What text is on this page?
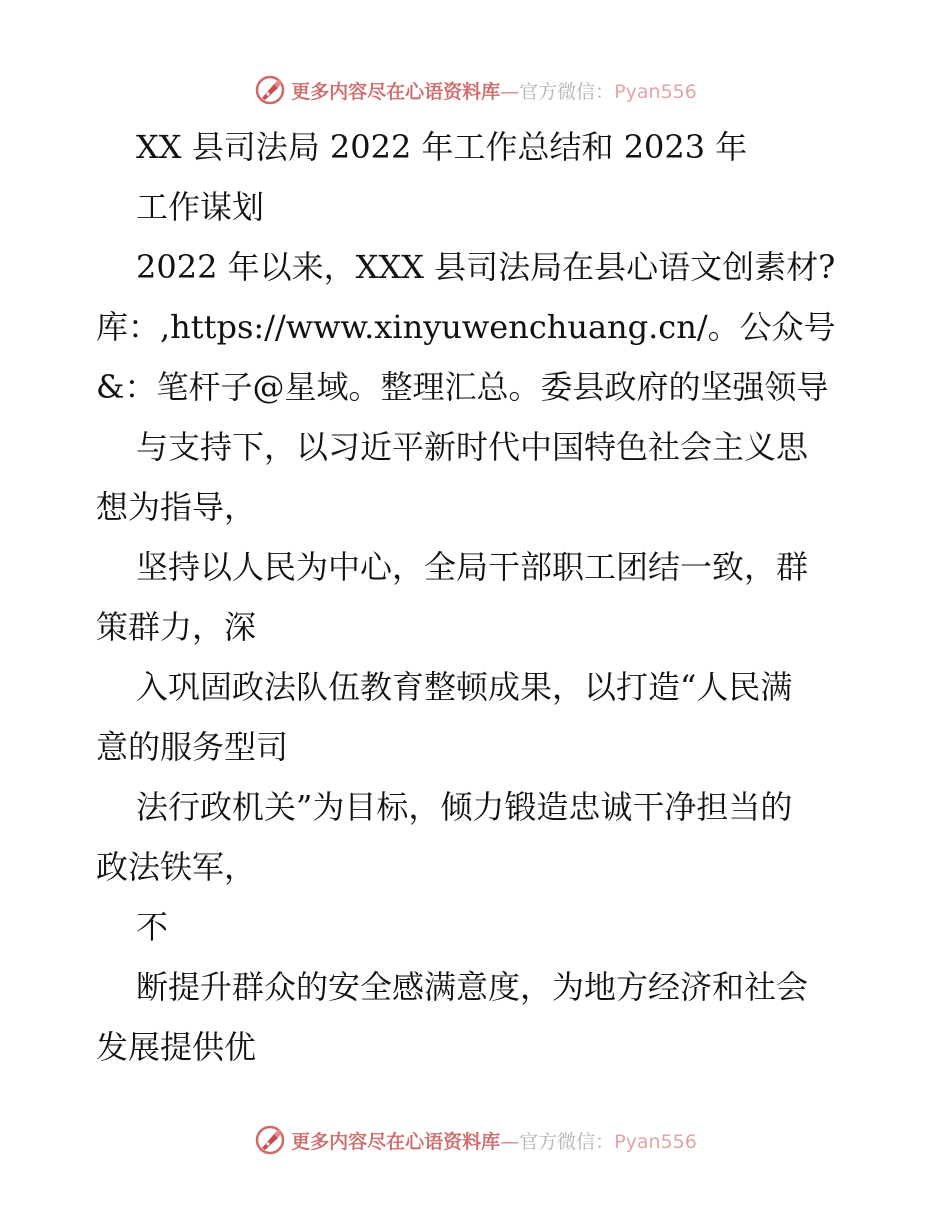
更多内容尽在心语资料库—官方微信：Pyan556
XX 县司法局 2022 年工作总结和 2023 年
工作谋划
2022 年以来，XXX 县司法局在县心语文创素材?
库：,https://www.xinyuwenchuang.cn/。公众号
&：笔杆子@星域。整理汇总。委县政府的坚强领导
与支持下，以习近平新时代中国特色社会主义思
想为指导，
坚持以人民为中心，全局干部职工团结一致，群
策群力，深
入巩固政法队伍教育整顿成果，以打造“人民满
意的服务型司
法行政机关”为目标，倾力锻造忠诚干净担当的
政法铁军，
不
断提升群众的安全感满意度，为地方经济和社会
发展提供优
更多内容尽在心语资料库—官方微信：Pyan556
